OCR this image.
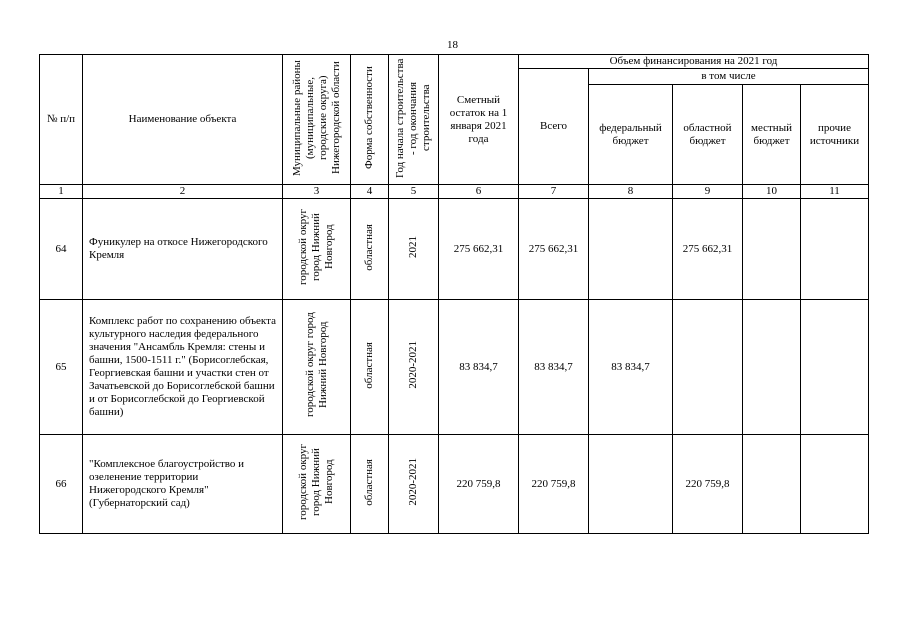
18
№ п/п	Наименование объекта	Муниципальные районы (муниципальные, городские округа) Нижегородской области	Форма собственности	Год начала строительства - год окончания строительства	Сметный остаток на 1 января 2021 года	Объем финансирования на 2021 год				
						Всего	в том числе			
							федеральный бюджет	областной бюджет	местный бюджет	прочие источники
1	2	3	4	5	6	7	8	9	10	11
64	Фуникулер на откосе Нижегородского Кремля	городской округ город Нижний Новгород	областная	2021	275 662,31	275 662,31		275 662,31		
65	Комплекс работ по сохранению объекта культурного наследия федерального значения "Ансамбль Кремля: стены и башни, 1500-1511 г." (Борисоглебская, Георгиевская башни и участки стен от Зачатьевской до Борисоглебской башни и от Борисоглебской до Георгиевской башни)	городской округ город Нижний Новгород	областная	2020-2021	83 834,7	83 834,7	83 834,7			
66	"Комплексное благоустройство и озеленение территории Нижегородского Кремля" (Губернаторский сад)	городской округ город Нижний Новгород	областная	2020-2021	220 759,8	220 759,8		220 759,8		
